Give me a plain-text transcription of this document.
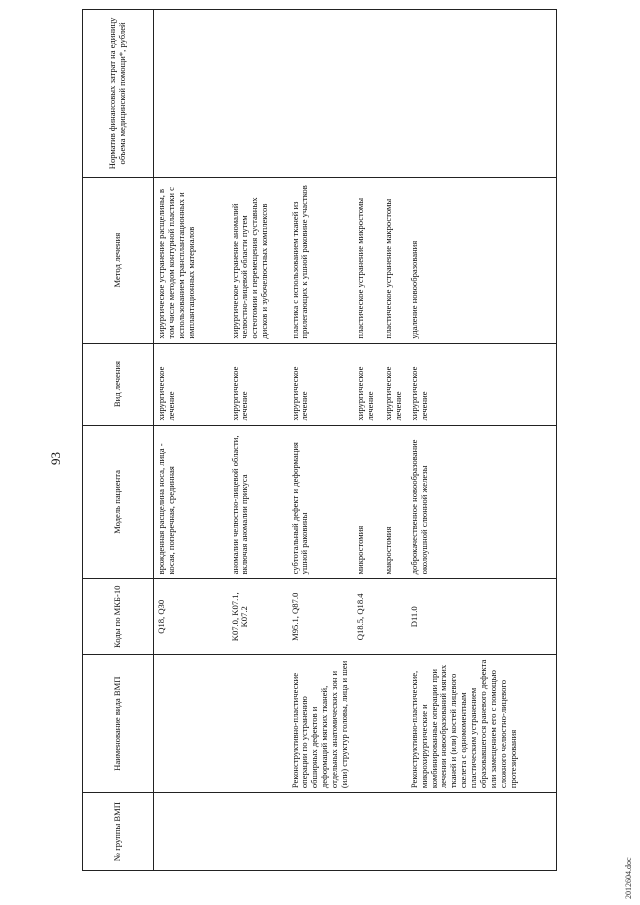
93
2012604.doc
№ группы ВМП	Наименование вида ВМП	Коды по МКБ-10	Модель пациента	Вид лечения	Метод лечения	Норматив финансовых затрат на единицу объема медицинской помощи*, рублей
		Q18, Q30	врожденная расщелина носа, лица - косая, поперечная, срединная	хирургическое лечение	хирургическое устранение расщелины, в том числе методом контурной пластики с использованием трансплантационных и имплантационных материалов	
		K07.0, K07.1, K07.2	аномалии челюстно-лицевой области, включая аномалии прикуса	хирургическое лечение	хирургическое устранение аномалий челюстно-лицевой области путем остеотомии и перемещения суставных дисков и зубочелюстных комплексов	
	Реконструктивно-пластические операции по устранению обширных дефектов и деформаций мягких тканей, отдельных анатомических зон и (или) структур головы, лица и шеи	M95.1, Q87.0	субтотальный дефект и деформация ушной раковины	хирургическое лечение	пластика с использованием тканей из прилегающих к ушной раковине участков	
		Q18.5, Q18.4	микростомия	хирургическое лечение	пластическое устранение микростомы	
			макростомия	хирургическое лечение	пластическое устранение макростомы	
	Реконструктивно-пластические, микрохирургические и комбинированные операции при лечении новообразований мягких тканей и (или) костей лицевого скелета с одномоментным пластическим устранением образовавшегося раневого дефекта или замещением его с помощью сложного челюстно-лицевого протезирования	D11.0	доброкачественное новообразование околоушной слюнной железы	хирургическое лечение	удаление новообразования	
